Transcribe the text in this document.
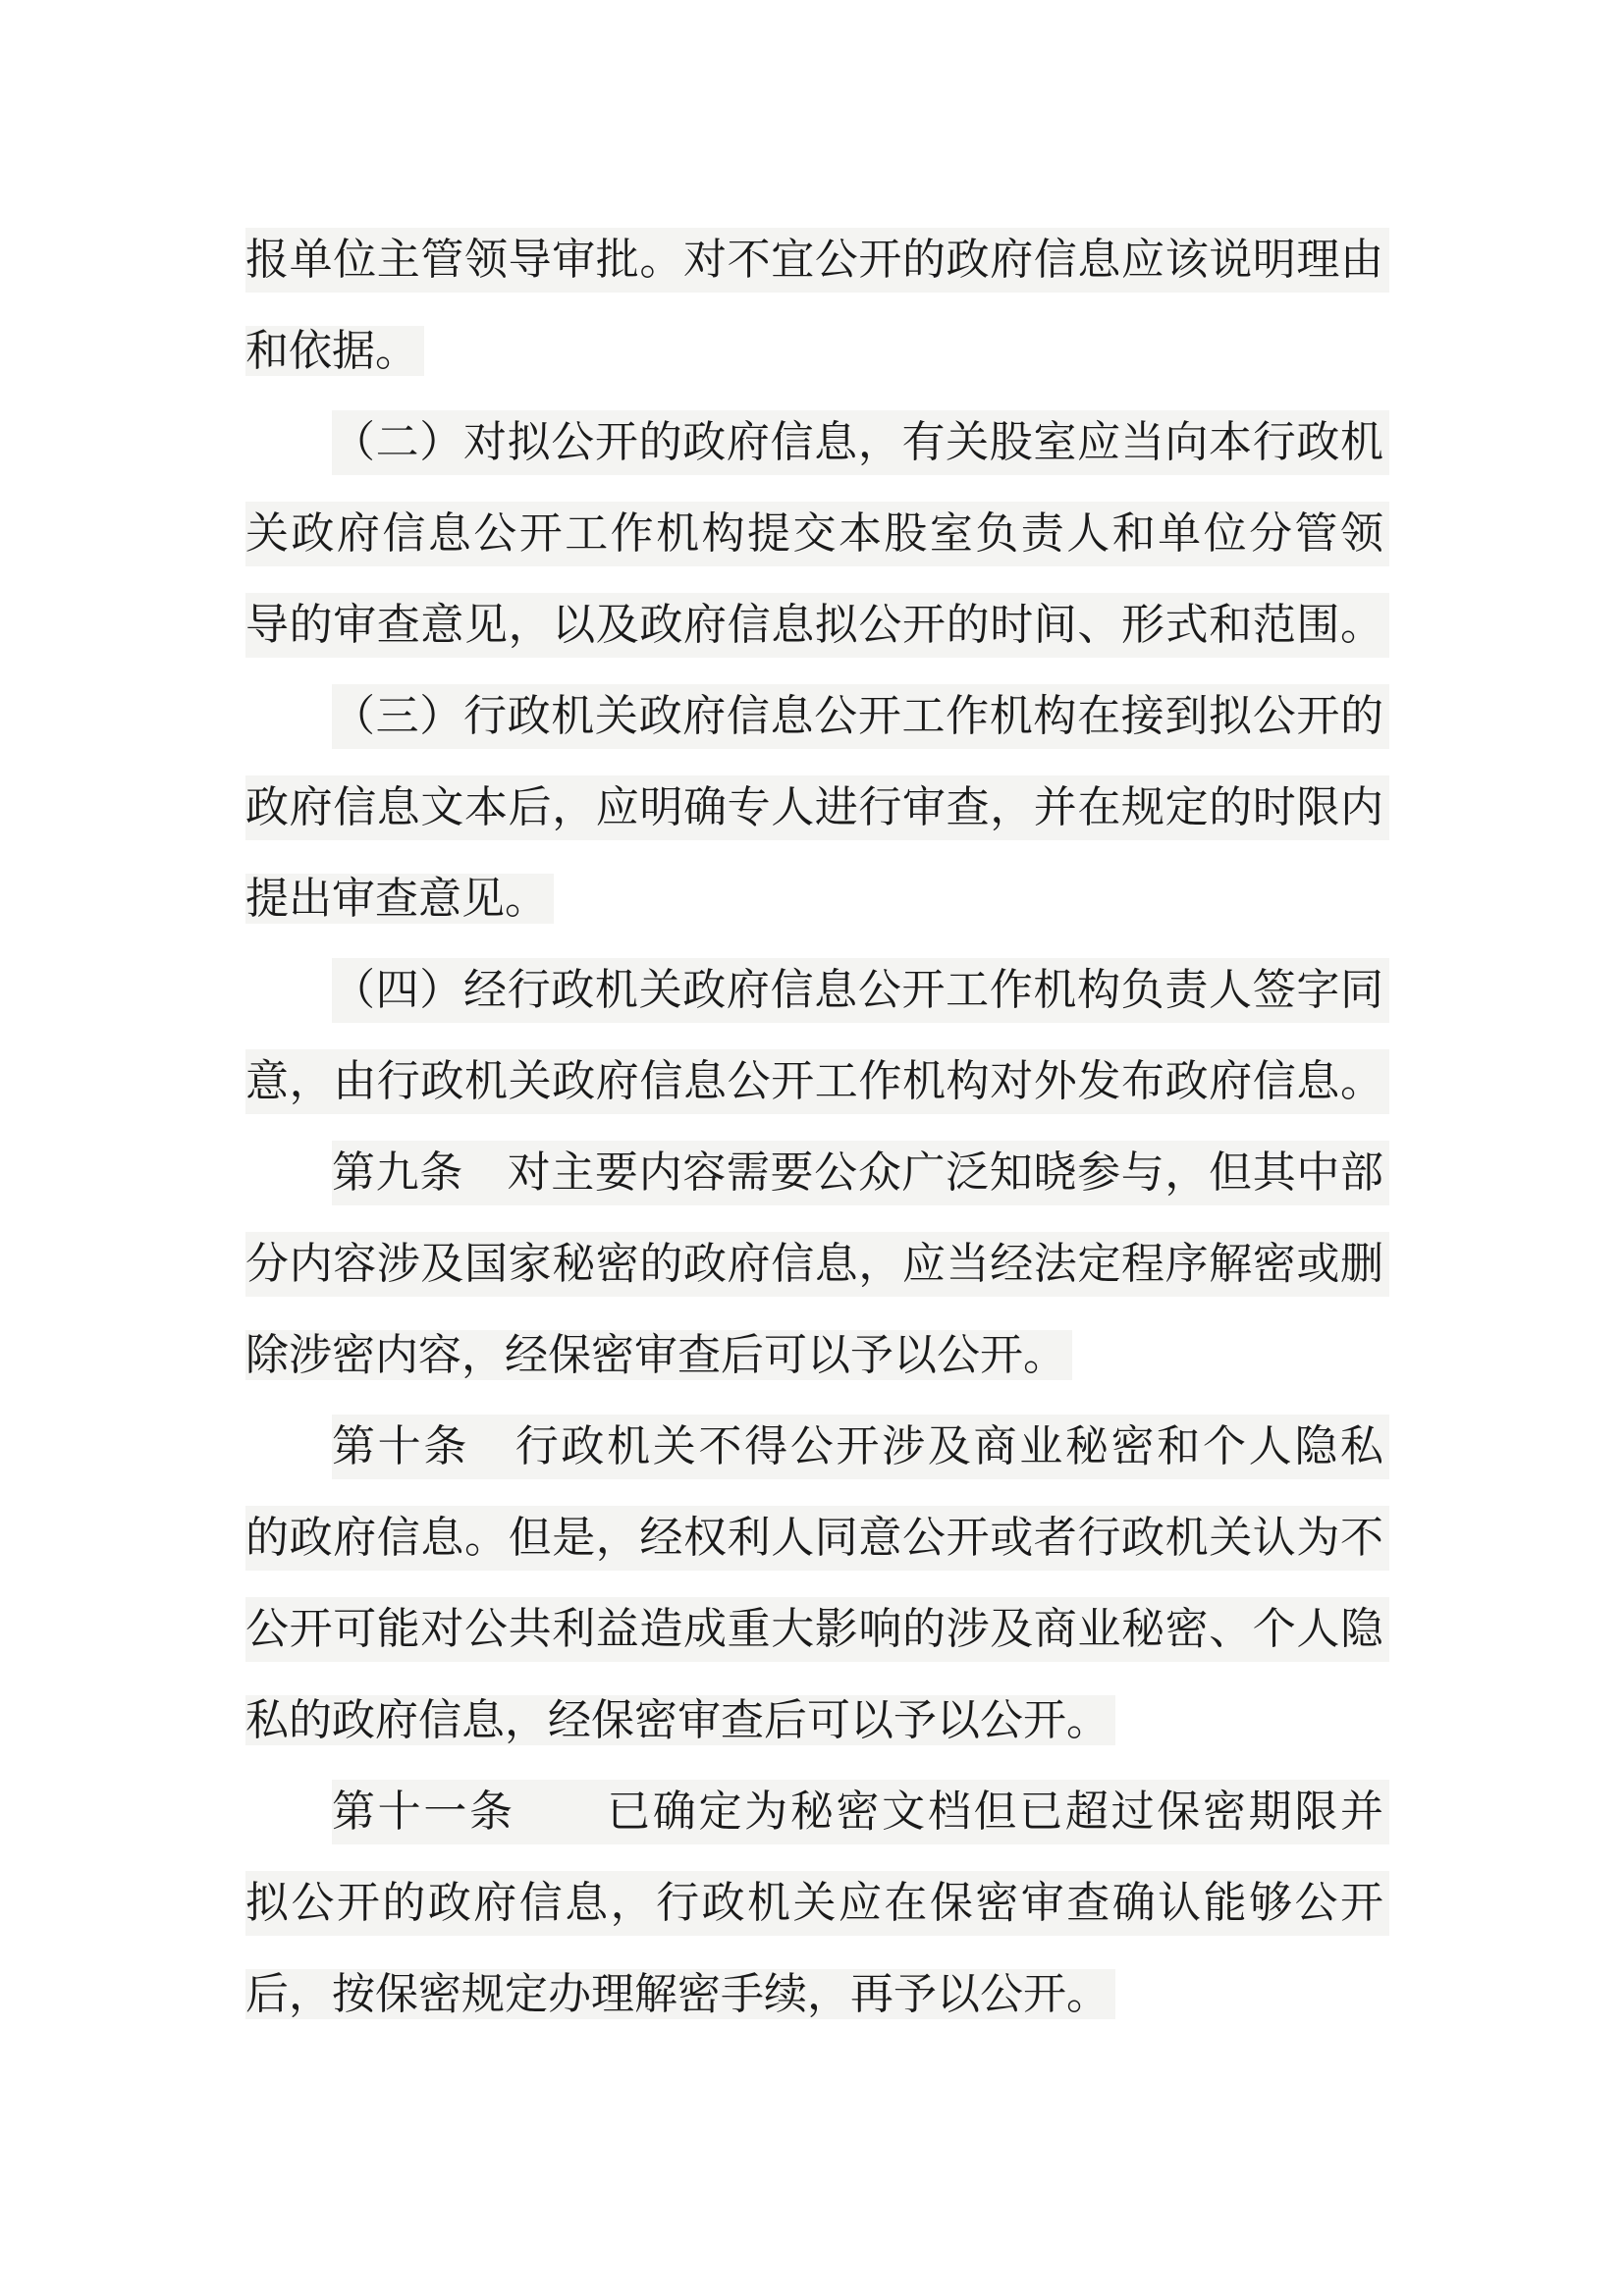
报单位主管领导审批。对不宜公开的政府信息应该说明理由
和依据。
（二）对拟公开的政府信息，有关股室应当向本行政机
关政府信息公开工作机构提交本股室负责人和单位分管领
导的审查意见，以及政府信息拟公开的时间、形式和范围。
（三）行政机关政府信息公开工作机构在接到拟公开的
政府信息文本后，应明确专人进行审查，并在规定的时限内
提出审查意见。
（四）经行政机关政府信息公开工作机构负责人签字同
意，由行政机关政府信息公开工作机构对外发布政府信息。
第九条　对主要内容需要公众广泛知晓参与，但其中部
分内容涉及国家秘密的政府信息，应当经法定程序解密或删
除涉密内容，经保密审查后可以予以公开。
第十条　行政机关不得公开涉及商业秘密和个人隐私
的政府信息。但是，经权利人同意公开或者行政机关认为不
公开可能对公共利益造成重大影响的涉及商业秘密、个人隐
私的政府信息，经保密审查后可以予以公开。
第十一条　　已确定为秘密文档但已超过保密期限并
拟公开的政府信息，行政机关应在保密审查确认能够公开
后，按保密规定办理解密手续，再予以公开。
